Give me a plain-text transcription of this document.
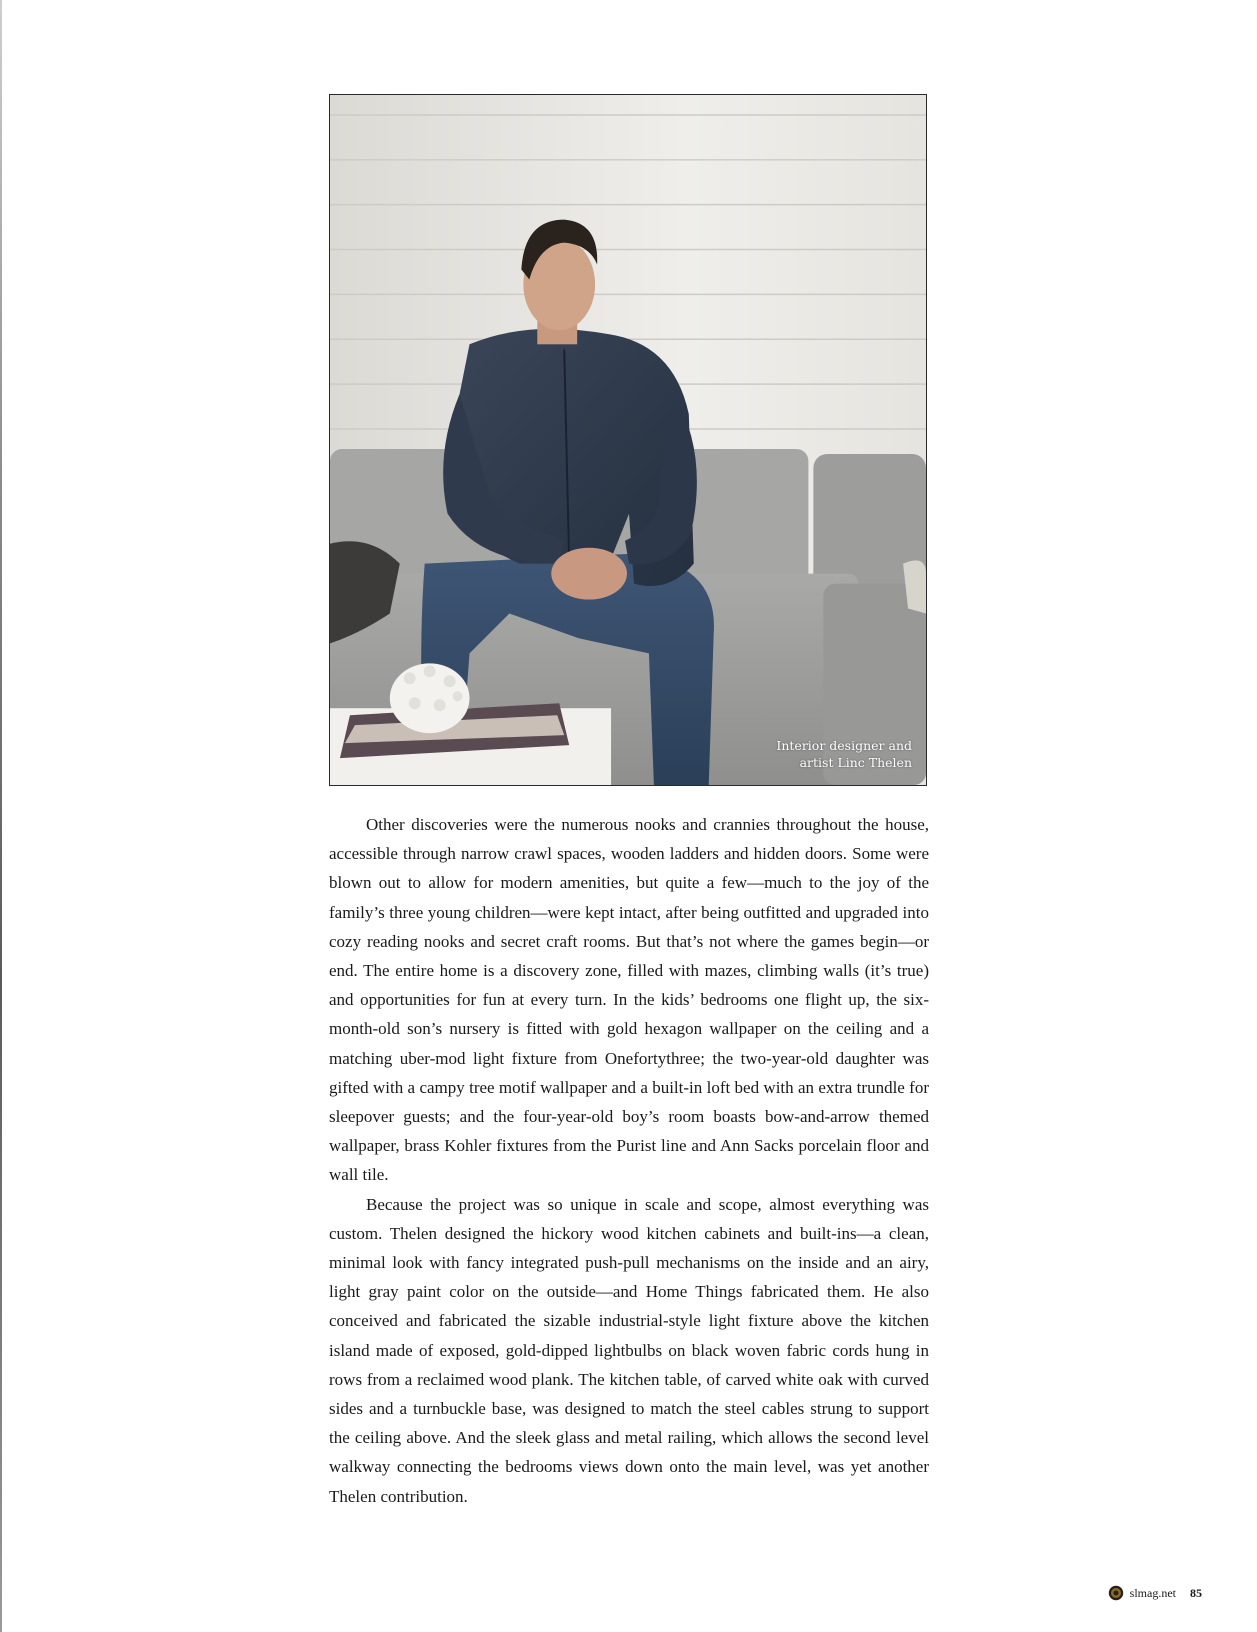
Interior designer and
artist Linc Thelen

Other discoveries were the numerous nooks and crannies throughout the house, accessible through narrow crawl spaces, wooden ladders and hidden doors. Some were blown out to allow for modern amenities, but quite a few—much to the joy of the family’s three young children—were kept intact, after being outfitted and upgraded into cozy reading nooks and secret craft rooms. But that’s not where the games begin—or end. The entire home is a discovery zone, filled with mazes, climbing walls (it’s true) and opportunities for fun at every turn. In the kids’ bedrooms one flight up, the six-month-old son’s nursery is fitted with gold hexagon wallpaper on the ceiling and a matching uber-mod light fixture from Onefortythree; the two-year-old daughter was gifted with a campy tree motif wallpaper and a built-in loft bed with an extra trundle for sleepover guests; and the four-year-old boy’s room boasts bow-and-arrow themed wallpaper, brass Kohler fixtures from the Purist line and Ann Sacks porcelain floor and wall tile.

Because the project was so unique in scale and scope, almost everything was custom. Thelen designed the hickory wood kitchen cabinets and built-ins—a clean, minimal look with fancy integrated push-pull mechanisms on the inside and an airy, light gray paint color on the outside—and Home Things fabricated them. He also conceived and fabricated the sizable industrial-style light fixture above the kitchen island made of exposed, gold-dipped lightbulbs on black woven fabric cords hung in rows from a reclaimed wood plank. The kitchen table, of carved white oak with curved sides and a turnbuckle base, was designed to match the steel cables strung to support the ceiling above. And the sleek glass and metal railing, which allows the second level walkway connecting the bedrooms views down onto the main level, was yet another Thelen contribution.

slmag.net 85
